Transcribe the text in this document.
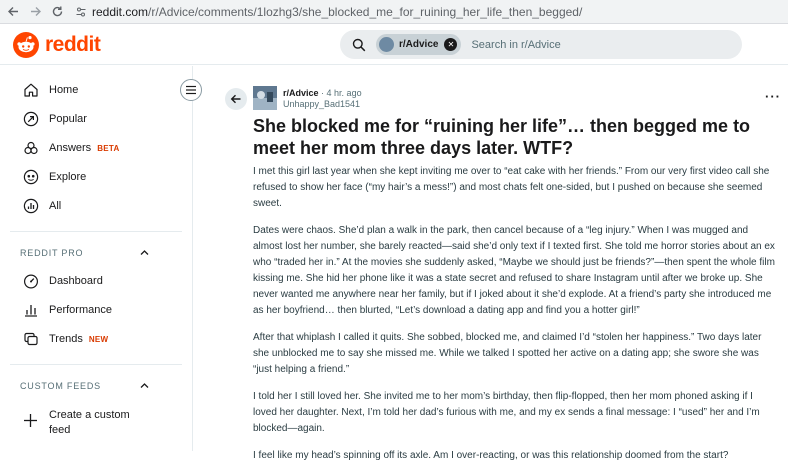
reddit.com/r/Advice/comments/1lozhg3/she_blocked_me_for_ruining_her_life_then_begged/
reddit	r/Advice	✕ Search in r/Advice
Home
Popular
Answers BETA
Explore
All
REDDIT PRO
Dashboard
Performance
Trends NEW
CUSTOM FEEDS
Create a custom feed
r/Advice · 4 hr. ago
Unhappy_Bad1541	···
She blocked me for “ruining her life”… then begged me to meet her mom three days later. WTF?

I met this girl last year when she kept inviting me over to “eat cake with her friends.” From our very first video call she refused to show her face (“my hair’s a mess!”) and most chats felt one-sided, but I pushed on because she seemed sweet.

Dates were chaos. She’d plan a walk in the park, then cancel because of a “leg injury.” When I was mugged and almost lost her number, she barely reacted—said she’d only text if I texted first. She told me horror stories about an ex who “traded her in.” At the movies she suddenly asked, “Maybe we should just be friends?”—then spent the whole film kissing me. She hid her phone like it was a state secret and refused to share Instagram until after we broke up. She never wanted me anywhere near her family, but if I joked about it she’d explode. At a friend’s party she introduced me as her boyfriend… then blurted, “Let’s download a dating app and find you a hotter girl!”

After that whiplash I called it quits. She sobbed, blocked me, and claimed I’d “stolen her happiness.” Two days later she unblocked me to say she missed me. While we talked I spotted her active on a dating app; she swore she was “just helping a friend.”

I told her I still loved her. She invited me to her mom’s birthday, then flip-flopped, then her mom phoned asking if I loved her daughter. Next, I’m told her dad’s furious with me, and my ex sends a final message: I “used” her and I’m blocked—again.

I feel like my head’s spinning off its axle. Am I over-reacting, or was this relationship doomed from the start?
